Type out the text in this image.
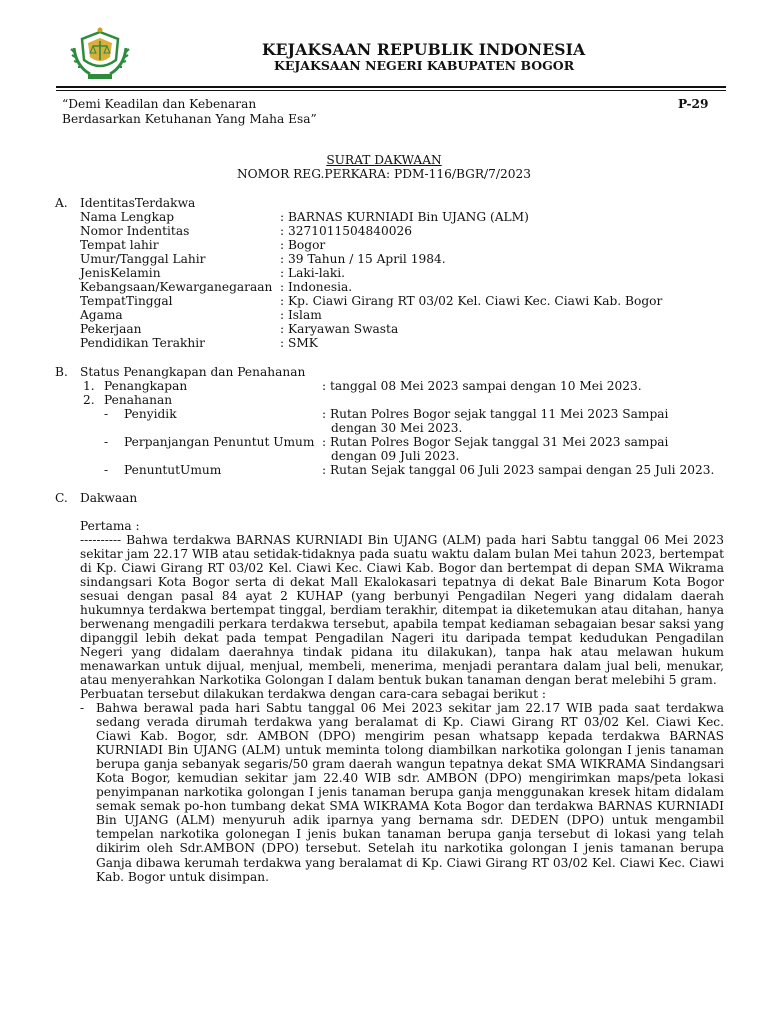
KEJAKSAAN REPUBLIK INDONESIA
KEJAKSAAN NEGERI KABUPATEN BOGOR
“Demi Keadilan dan Kebenaran
Berdasarkan Ketuhanan Yang Maha Esa”
P-29
SURAT DAKWAAN
NOMOR REG.PERKARA: PDM-116/BGR/7/2023
A. IdentitasTerdakwa
Nama Lengkap	: BARNAS KURNIADI Bin UJANG (ALM)
Nomor Indentitas	: 3271011504840026
Tempat lahir	: Bogor
Umur/Tanggal Lahir	: 39 Tahun / 15 April 1984.
JenisKelamin	: Laki-laki.
Kebangsaan/Kewarganegaraan : Indonesia.
TempatTinggal	: Kp. Ciawi Girang RT 03/02 Kel. Ciawi Kec. Ciawi Kab. Bogor
Agama	: Islam
Pekerjaan	: Karyawan Swasta
Pendidikan Terakhir	: SMK
B. Status Penangkapan dan Penahanan
1. Penangkapan	: tanggal 08 Mei 2023 sampai dengan 10 Mei 2023.
2. Penahanan
- Penyidik	: Rutan Polres Bogor sejak tanggal 11 Mei 2023 Sampai
dengan 30 Mei 2023.
- Perpanjangan Penuntut Umum : Rutan Polres Bogor Sejak tanggal 31 Mei 2023 sampai
dengan 09 Juli 2023.
- PenuntutUmum	: Rutan Sejak tanggal 06 Juli 2023 sampai dengan 25 Juli 2023.
C. Dakwaan
Pertama :
---------- Bahwa terdakwa BARNAS KURNIADI Bin UJANG (ALM) pada hari Sabtu tanggal 06 Mei 2023 sekitar jam 22.17 WIB atau setidak-tidaknya pada suatu waktu dalam bulan Mei tahun 2023, bertempat di Kp. Ciawi Girang RT 03/02 Kel. Ciawi Kec. Ciawi Kab. Bogor dan bertempat di depan SMA Wikrama sindangsari Kota Bogor serta di dekat Mall Ekalokasari tepatnya di dekat Bale Binarum Kota Bogor sesuai dengan pasal 84 ayat 2 KUHAP (yang berbunyi Pengadilan Negeri yang didalam daerah hukumnya terdakwa bertempat tinggal, berdiam terakhir, ditempat ia diketemukan atau ditahan, hanya berwenang mengadili perkara terdakwa tersebut, apabila tempat kediaman sebagaian besar saksi yang dipanggil lebih dekat pada tempat Pengadilan Nageri itu daripada tempat kedudukan Pengadilan Negeri yang didalam daerahnya tindak pidana itu dilakukan), tanpa hak atau melawan hukum menawarkan untuk dijual, menjual, membeli, menerima, menjadi perantara dalam jual beli, menukar, atau menyerahkan Narkotika Golongan I dalam bentuk bukan tanaman dengan berat melebihi 5 gram.
Perbuatan tersebut dilakukan terdakwa dengan cara-cara sebagai berikut :
- Bahwa berawal pada hari Sabtu tanggal 06 Mei 2023 sekitar jam 22.17 WIB pada saat terdakwa sedang verada dirumah terdakwa yang beralamat di Kp. Ciawi Girang RT 03/02 Kel. Ciawi Kec. Ciawi Kab. Bogor, sdr. AMBON (DPO) mengirim pesan whatsapp kepada terdakwa BARNAS KURNIADI Bin UJANG (ALM) untuk meminta tolong diambilkan narkotika golongan I jenis tanaman berupa ganja sebanyak segaris/50 gram daerah wangun tepatnya dekat SMA WIKRAMA Sindangsari Kota Bogor, kemudian sekitar jam 22.40 WIB sdr. AMBON (DPO) mengirimkan maps/peta lokasi penyimpanan narkotika golongan I jenis tanaman berupa ganja menggunakan kresek hitam didalam semak semak po-hon tumbang dekat SMA WIKRAMA Kota Bogor dan terdakwa BARNAS KURNIADI Bin UJANG (ALM) menyuruh adik iparnya yang bernama sdr. DEDEN (DPO) untuk mengambil tempelan narkotika golonegan I jenis bukan tanaman berupa ganja tersebut di lokasi yang telah dikirim oleh Sdr.AMBON (DPO) tersebut. Setelah itu narkotika golongan I jenis tamanan berupa Ganja dibawa kerumah terdakwa yang beralamat di Kp. Ciawi Girang RT 03/02 Kel. Ciawi Kec. Ciawi Kab. Bogor untuk disimpan.
